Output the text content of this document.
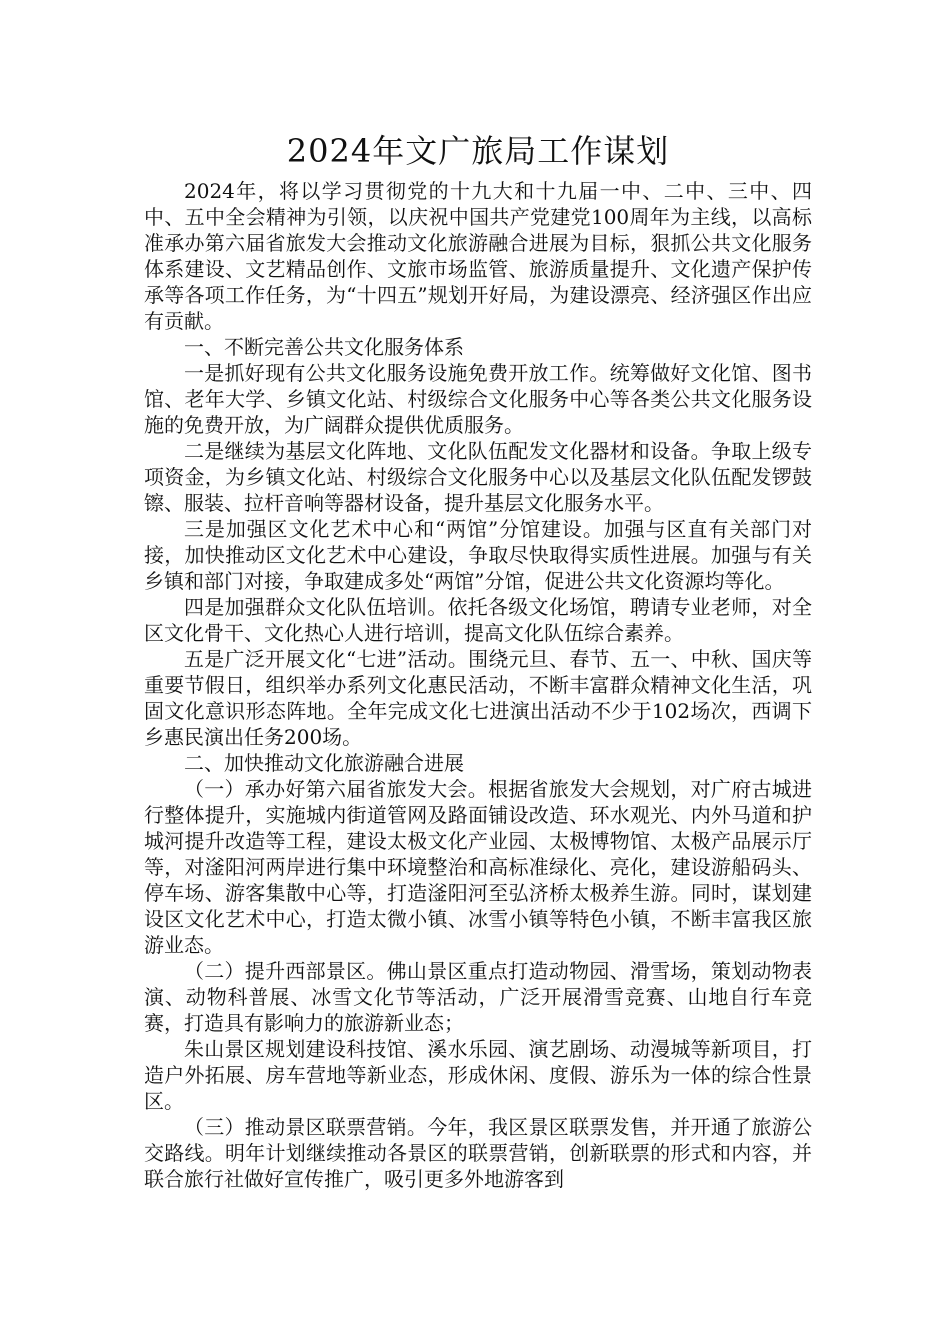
2024年文广旅局工作谋划

2024年，将以学习贯彻党的十九大和十九届一中、二中、三中、四中、五中全会精神为引领，以庆祝中国共产党建党100周年为主线，以高标准承办第六届省旅发大会推动文化旅游融合进展为目标，狠抓公共文化服务体系建设、文艺精品创作、文旅市场监管、旅游质量提升、文化遗产保护传承等各项工作任务，为“十四五”规划开好局，为建设漂亮、经济强区作出应有贡献。

一、不断完善公共文化服务体系

一是抓好现有公共文化服务设施免费开放工作。统筹做好文化馆、图书馆、老年大学、乡镇文化站、村级综合文化服务中心等各类公共文化服务设施的免费开放，为广阔群众提供优质服务。

二是继续为基层文化阵地、文化队伍配发文化器材和设备。争取上级专项资金，为乡镇文化站、村级综合文化服务中心以及基层文化队伍配发锣鼓镲、服装、拉杆音响等器材设备，提升基层文化服务水平。

三是加强区文化艺术中心和“两馆”分馆建设。加强与区直有关部门对接，加快推动区文化艺术中心建设，争取尽快取得实质性进展。加强与有关乡镇和部门对接，争取建成多处“两馆”分馆，促进公共文化资源均等化。

四是加强群众文化队伍培训。依托各级文化场馆，聘请专业老师，对全区文化骨干、文化热心人进行培训，提高文化队伍综合素养。

五是广泛开展文化“七进”活动。围绕元旦、春节、五一、中秋、国庆等重要节假日，组织举办系列文化惠民活动，不断丰富群众精神文化生活，巩固文化意识形态阵地。全年完成文化七进演出活动不少于102场次，西调下乡惠民演出任务200场。

二、加快推动文化旅游融合进展

（一）承办好第六届省旅发大会。根据省旅发大会规划，对广府古城进行整体提升，实施城内街道管网及路面铺设改造、环水观光、内外马道和护城河提升改造等工程，建设太极文化产业园、太极博物馆、太极产品展示厅等，对滏阳河两岸进行集中环境整治和高标准绿化、亮化，建设游船码头、停车场、游客集散中心等，打造滏阳河至弘济桥太极养生游。同时，谋划建设区文化艺术中心，打造太微小镇、冰雪小镇等特色小镇，不断丰富我区旅游业态。

（二）提升西部景区。佛山景区重点打造动物园、滑雪场，策划动物表演、动物科普展、冰雪文化节等活动，广泛开展滑雪竞赛、山地自行车竞赛，打造具有影响力的旅游新业态；

朱山景区规划建设科技馆、溪水乐园、演艺剧场、动漫城等新项目，打造户外拓展、房车营地等新业态，形成休闲、度假、游乐为一体的综合性景区。

（三）推动景区联票营销。今年，我区景区联票发售，并开通了旅游公交路线。明年计划继续推动各景区的联票营销，创新联票的形式和内容，并联合旅行社做好宣传推广，吸引更多外地游客到
